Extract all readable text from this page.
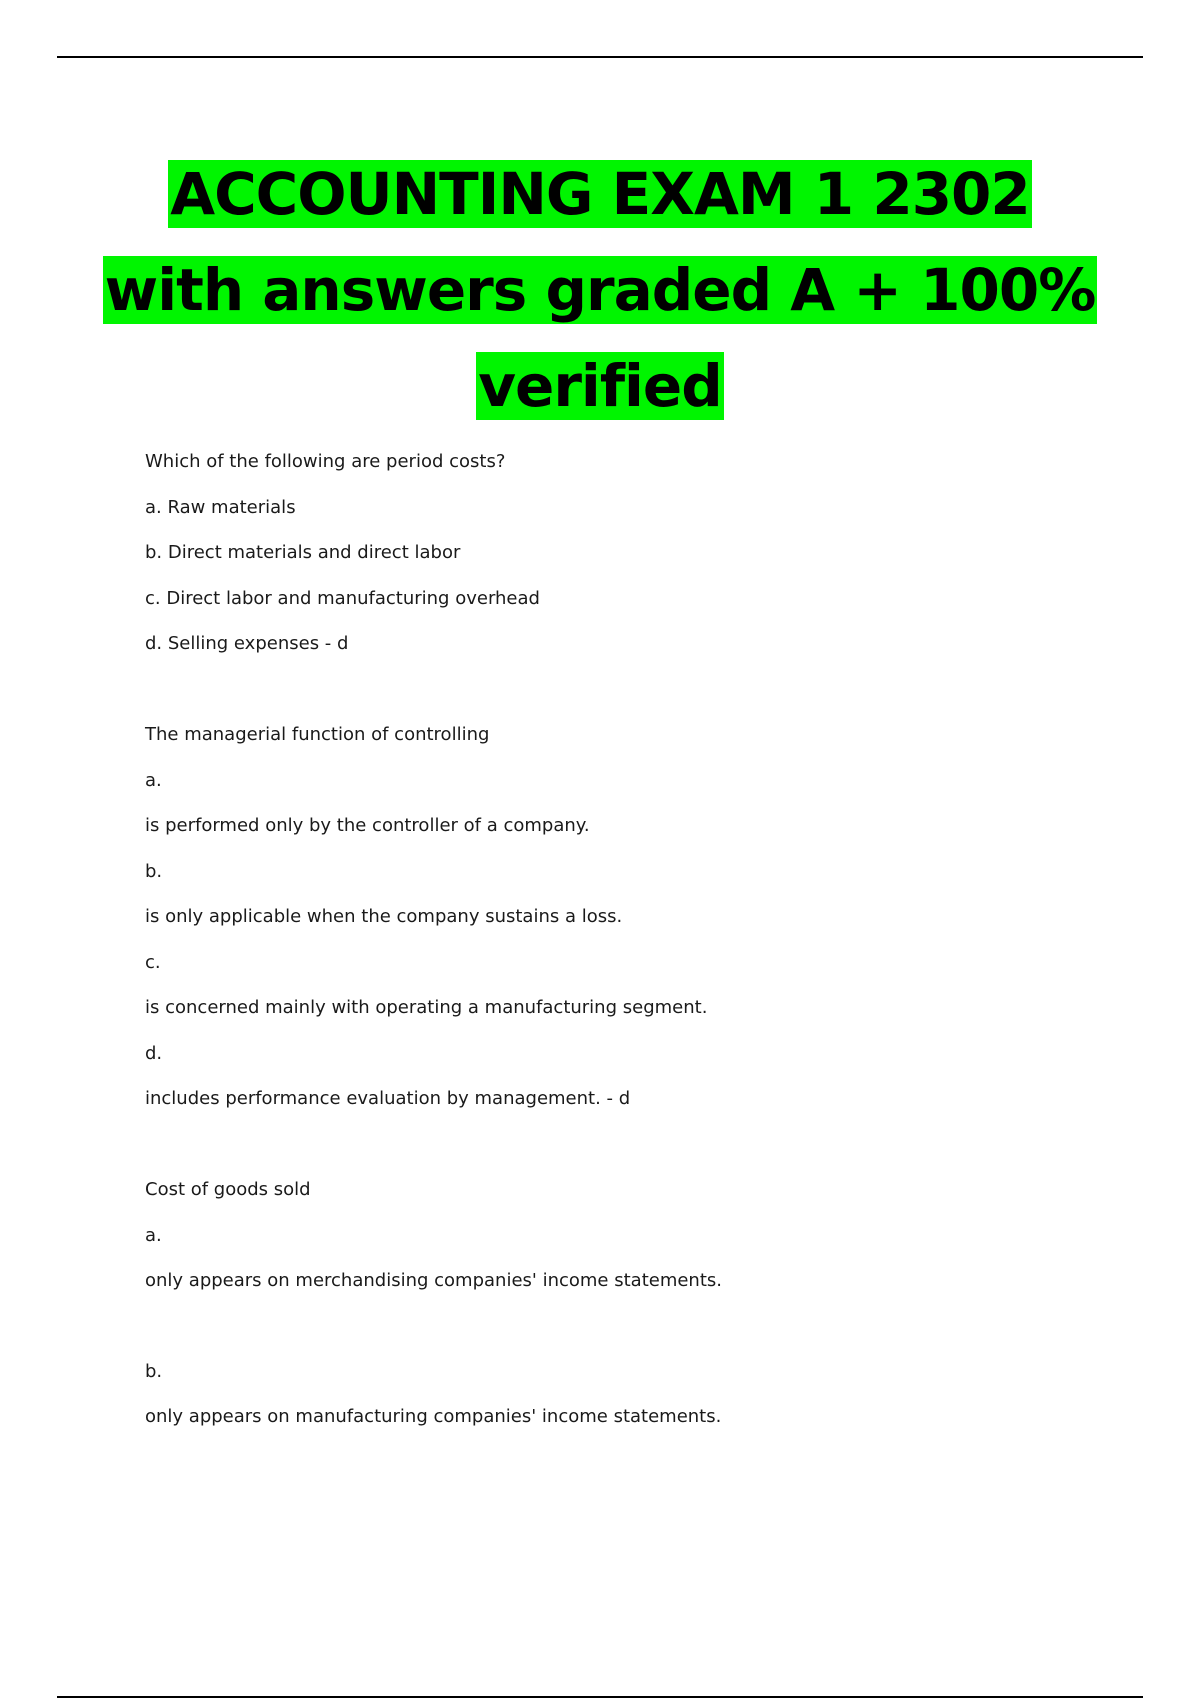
ACCOUNTING EXAM 1 2302
with answers graded A + 100%
verified
Which of the following are period costs?
a. Raw materials
b. Direct materials and direct labor
c. Direct labor and manufacturing overhead
d. Selling expenses - d
The managerial function of controlling
a.
is performed only by the controller of a company.
b.
is only applicable when the company sustains a loss.
c.
is concerned mainly with operating a manufacturing segment.
d.
includes performance evaluation by management. - d
Cost of goods sold
a.
only appears on merchandising companies' income statements.
b.
only appears on manufacturing companies' income statements.
